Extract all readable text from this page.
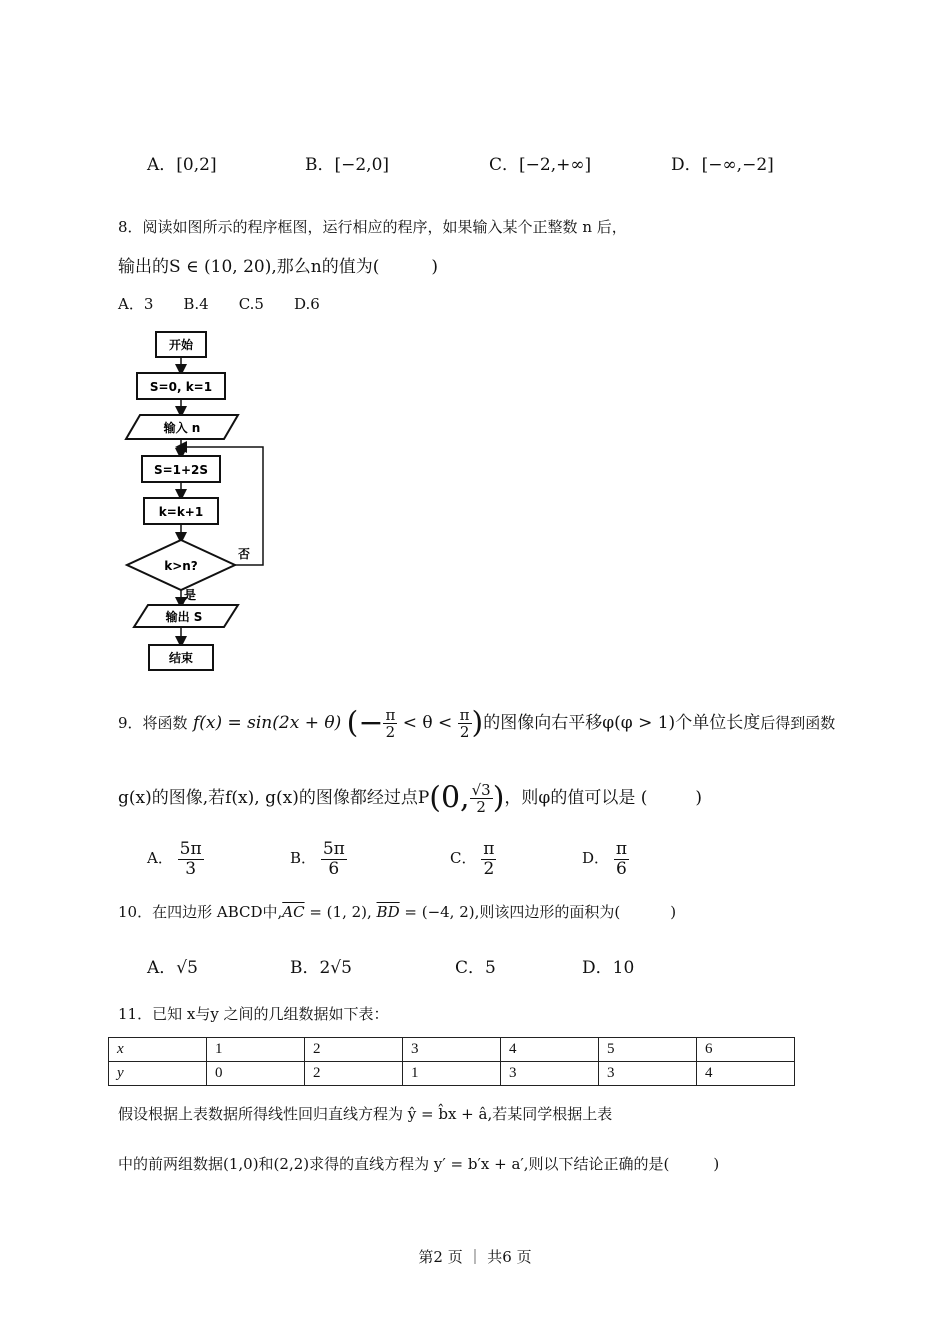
A．[0,2]	B．[−2,0]	C．[−2,+∞]	D．[−∞,−2]
8．阅读如图所示的程序框图，运行相应的程序，如果输入某个正整数 n 后，
输出的S ∈ (10, 20),那么n的值为(	)
A．3　　B.4　　C.5　　D.6
开始
S=0, k=1
输入 n
S=1+2S
k=k+1
k>n?
否
是
输出 S
结束
9．将函数 f(x) = sin(2x + θ) (− $\frac{\pi}{2} < \theta < \frac{\pi}{2}$ )的图像向右平移φ(φ > 1)个单位长度后得到函数
g(x)的图像,若f(x), g(x)的图像都经过点P(0, $\frac{√3}{2}$ )，则φ的值可以是 (	)
A． $\frac{5\pi}{3}$	B． $\frac{5\pi}{6}$	C． $\frac{\pi}{2}$	D． $\frac{\pi}{6}$
10．在四边形 ABCD中$,\overline{AC} = (1$, 2), $\overline{BD} = (-4$, 2),则该四边形的面积为(	)
A．√5	B．2√5	C．5	D．10
11．已知 x与y 之间的几组数据如下表：
x	1	2	3	4	5	6
y	0	2	1	3	3	4
假设根据上表数据所得线性回归直线方程为 ŷ = b̂x + â,若某同学根据上表
中的前两组数据(1,0)和(2,2)求得的直线方程为 y′ = b′x + a′,则以下结论正确的是(	)
第2 页 ｜ 共6 页
